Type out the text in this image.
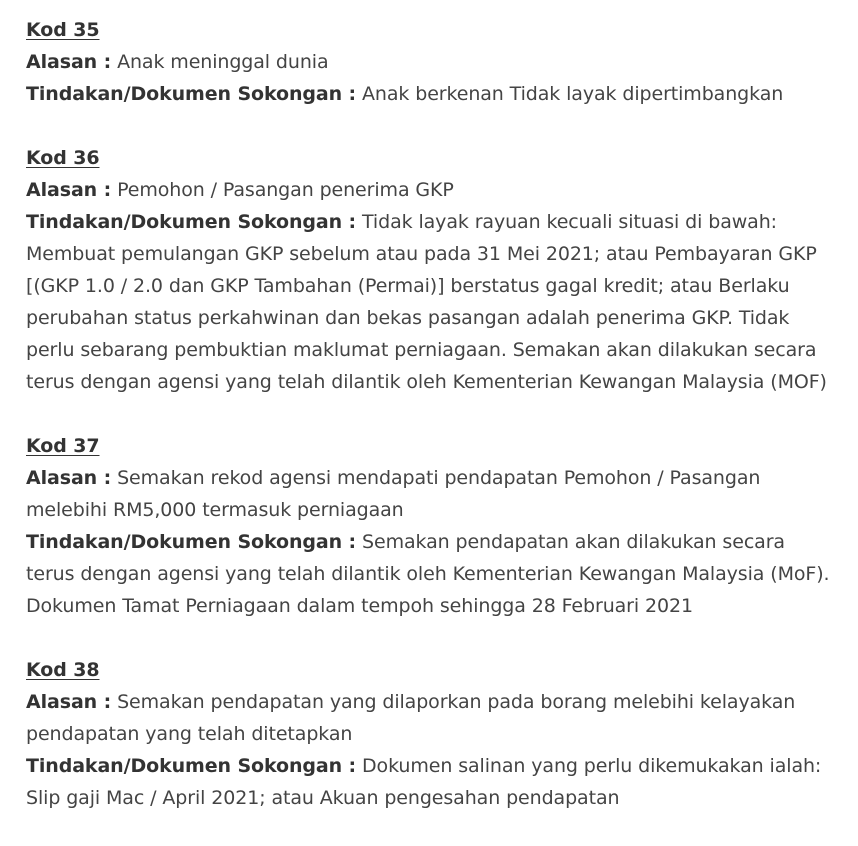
Kod 35

Alasan : Anak meninggal dunia

Tindakan/Dokumen Sokongan : Anak berkenan Tidak layak dipertimbangkan

Kod 36

Alasan : Pemohon / Pasangan penerima GKP

Tindakan/Dokumen Sokongan : Tidak layak rayuan kecuali situasi di bawah: Membuat pemulangan GKP sebelum atau pada 31 Mei 2021; atau Pembayaran GKP [(GKP 1.0 / 2.0 dan GKP Tambahan (Permai)] berstatus gagal kredit; atau Berlaku perubahan status perkahwinan dan bekas pasangan adalah penerima GKP. Tidak perlu sebarang pembuktian maklumat perniagaan. Semakan akan dilakukan secara terus dengan agensi yang telah dilantik oleh Kementerian Kewangan Malaysia (MOF)

Kod 37

Alasan : Semakan rekod agensi mendapati pendapatan Pemohon / Pasangan melebihi RM5,000 termasuk perniagaan

Tindakan/Dokumen Sokongan : Semakan pendapatan akan dilakukan secara terus dengan agensi yang telah dilantik oleh Kementerian Kewangan Malaysia (MoF). Dokumen Tamat Perniagaan dalam tempoh sehingga 28 Februari 2021

Kod 38

Alasan : Semakan pendapatan yang dilaporkan pada borang melebihi kelayakan pendapatan yang telah ditetapkan

Tindakan/Dokumen Sokongan : Dokumen salinan yang perlu dikemukakan ialah: Slip gaji Mac / April 2021; atau Akuan pengesahan pendapatan
